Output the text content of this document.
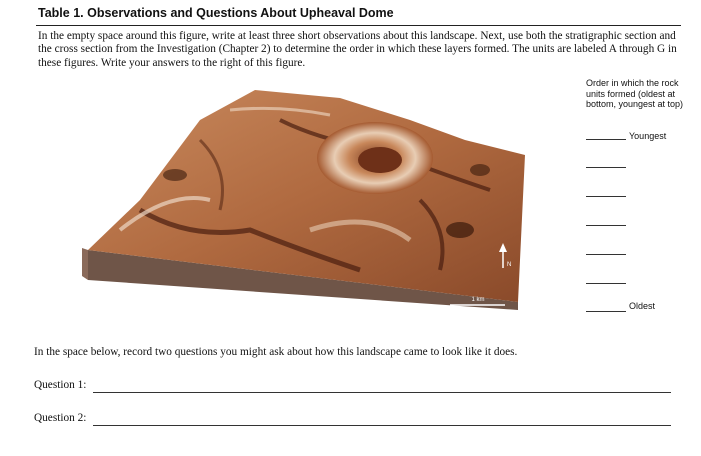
Table 1. Observations and Questions About Upheaval Dome
In the empty space around this figure, write at least three short observations about this landscape. Next, use both the stratigraphic section and the cross section from the Investigation (Chapter 2) to determine the order in which these layers formed. The units are labeled A through G in these figures. Write your answers to the right of this figure.
N
1 km
Order in which the rock units formed (oldest at bottom, youngest at top)
Youngest
Oldest
In the space below, record two questions you might ask about how this landscape came to look like it does.
Question 1:
Question 2:
